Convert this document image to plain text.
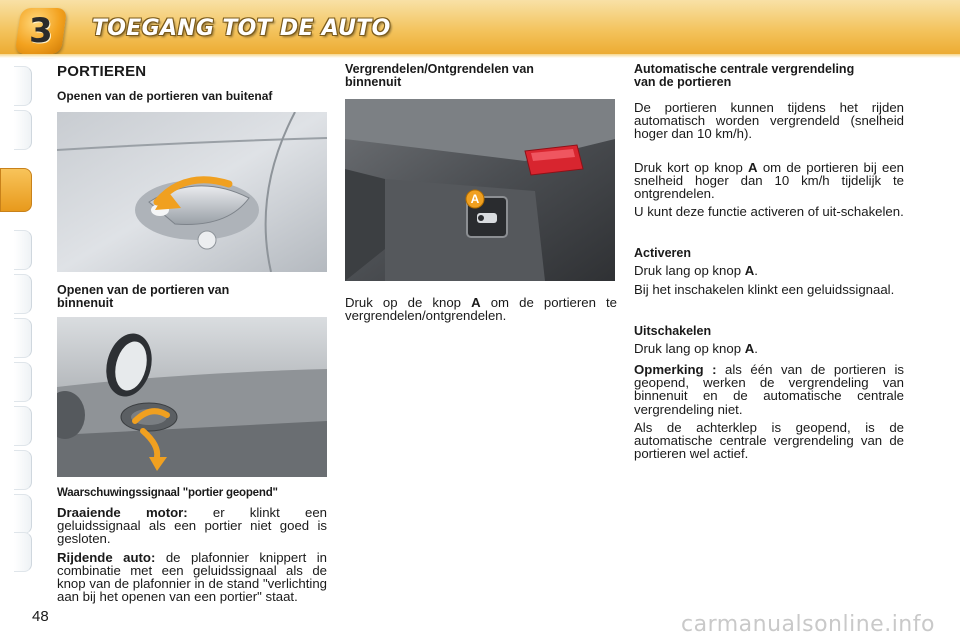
3 TOEGANG TOT DE AUTO
PORTIEREN
Openen van de portieren van buitenaf
Openen van de portieren van binnenuit
Waarschuwingssignaal "portier geopend"
Draaiende motor: er klinkt een geluidssignaal als een portier niet goed is gesloten.
Rijdende auto: de plafonnier knippert in combinatie met een geluidssignaal als de knop van de plafonnier in de stand "verlichting aan bij het openen van een portier" staat.
Vergrendelen/Ontgrendelen van binnenuit
A
Druk op de knop A om de portieren te vergrendelen/ontgrendelen.
Automatische centrale vergrendeling van de portieren
De portieren kunnen tijdens het rijden automatisch worden vergrendeld (snelheid hoger dan 10 km/h).
Druk kort op knop A om de portieren bij een snelheid hoger dan 10 km/h tijdelijk te ontgrendelen.
U kunt deze functie activeren of uit-schakelen.
Activeren
Druk lang op knop A.
Bij het inschakelen klinkt een geluidssignaal.
Uitschakelen
Druk lang op knop A.
Opmerking : als één van de portieren is geopend, werken de vergrendeling van binnenuit en de automatische centrale vergrendeling niet.
Als de achterklep is geopend, is de automatische centrale vergrendeling van de portieren wel actief.
48	carmanualsonline.info
